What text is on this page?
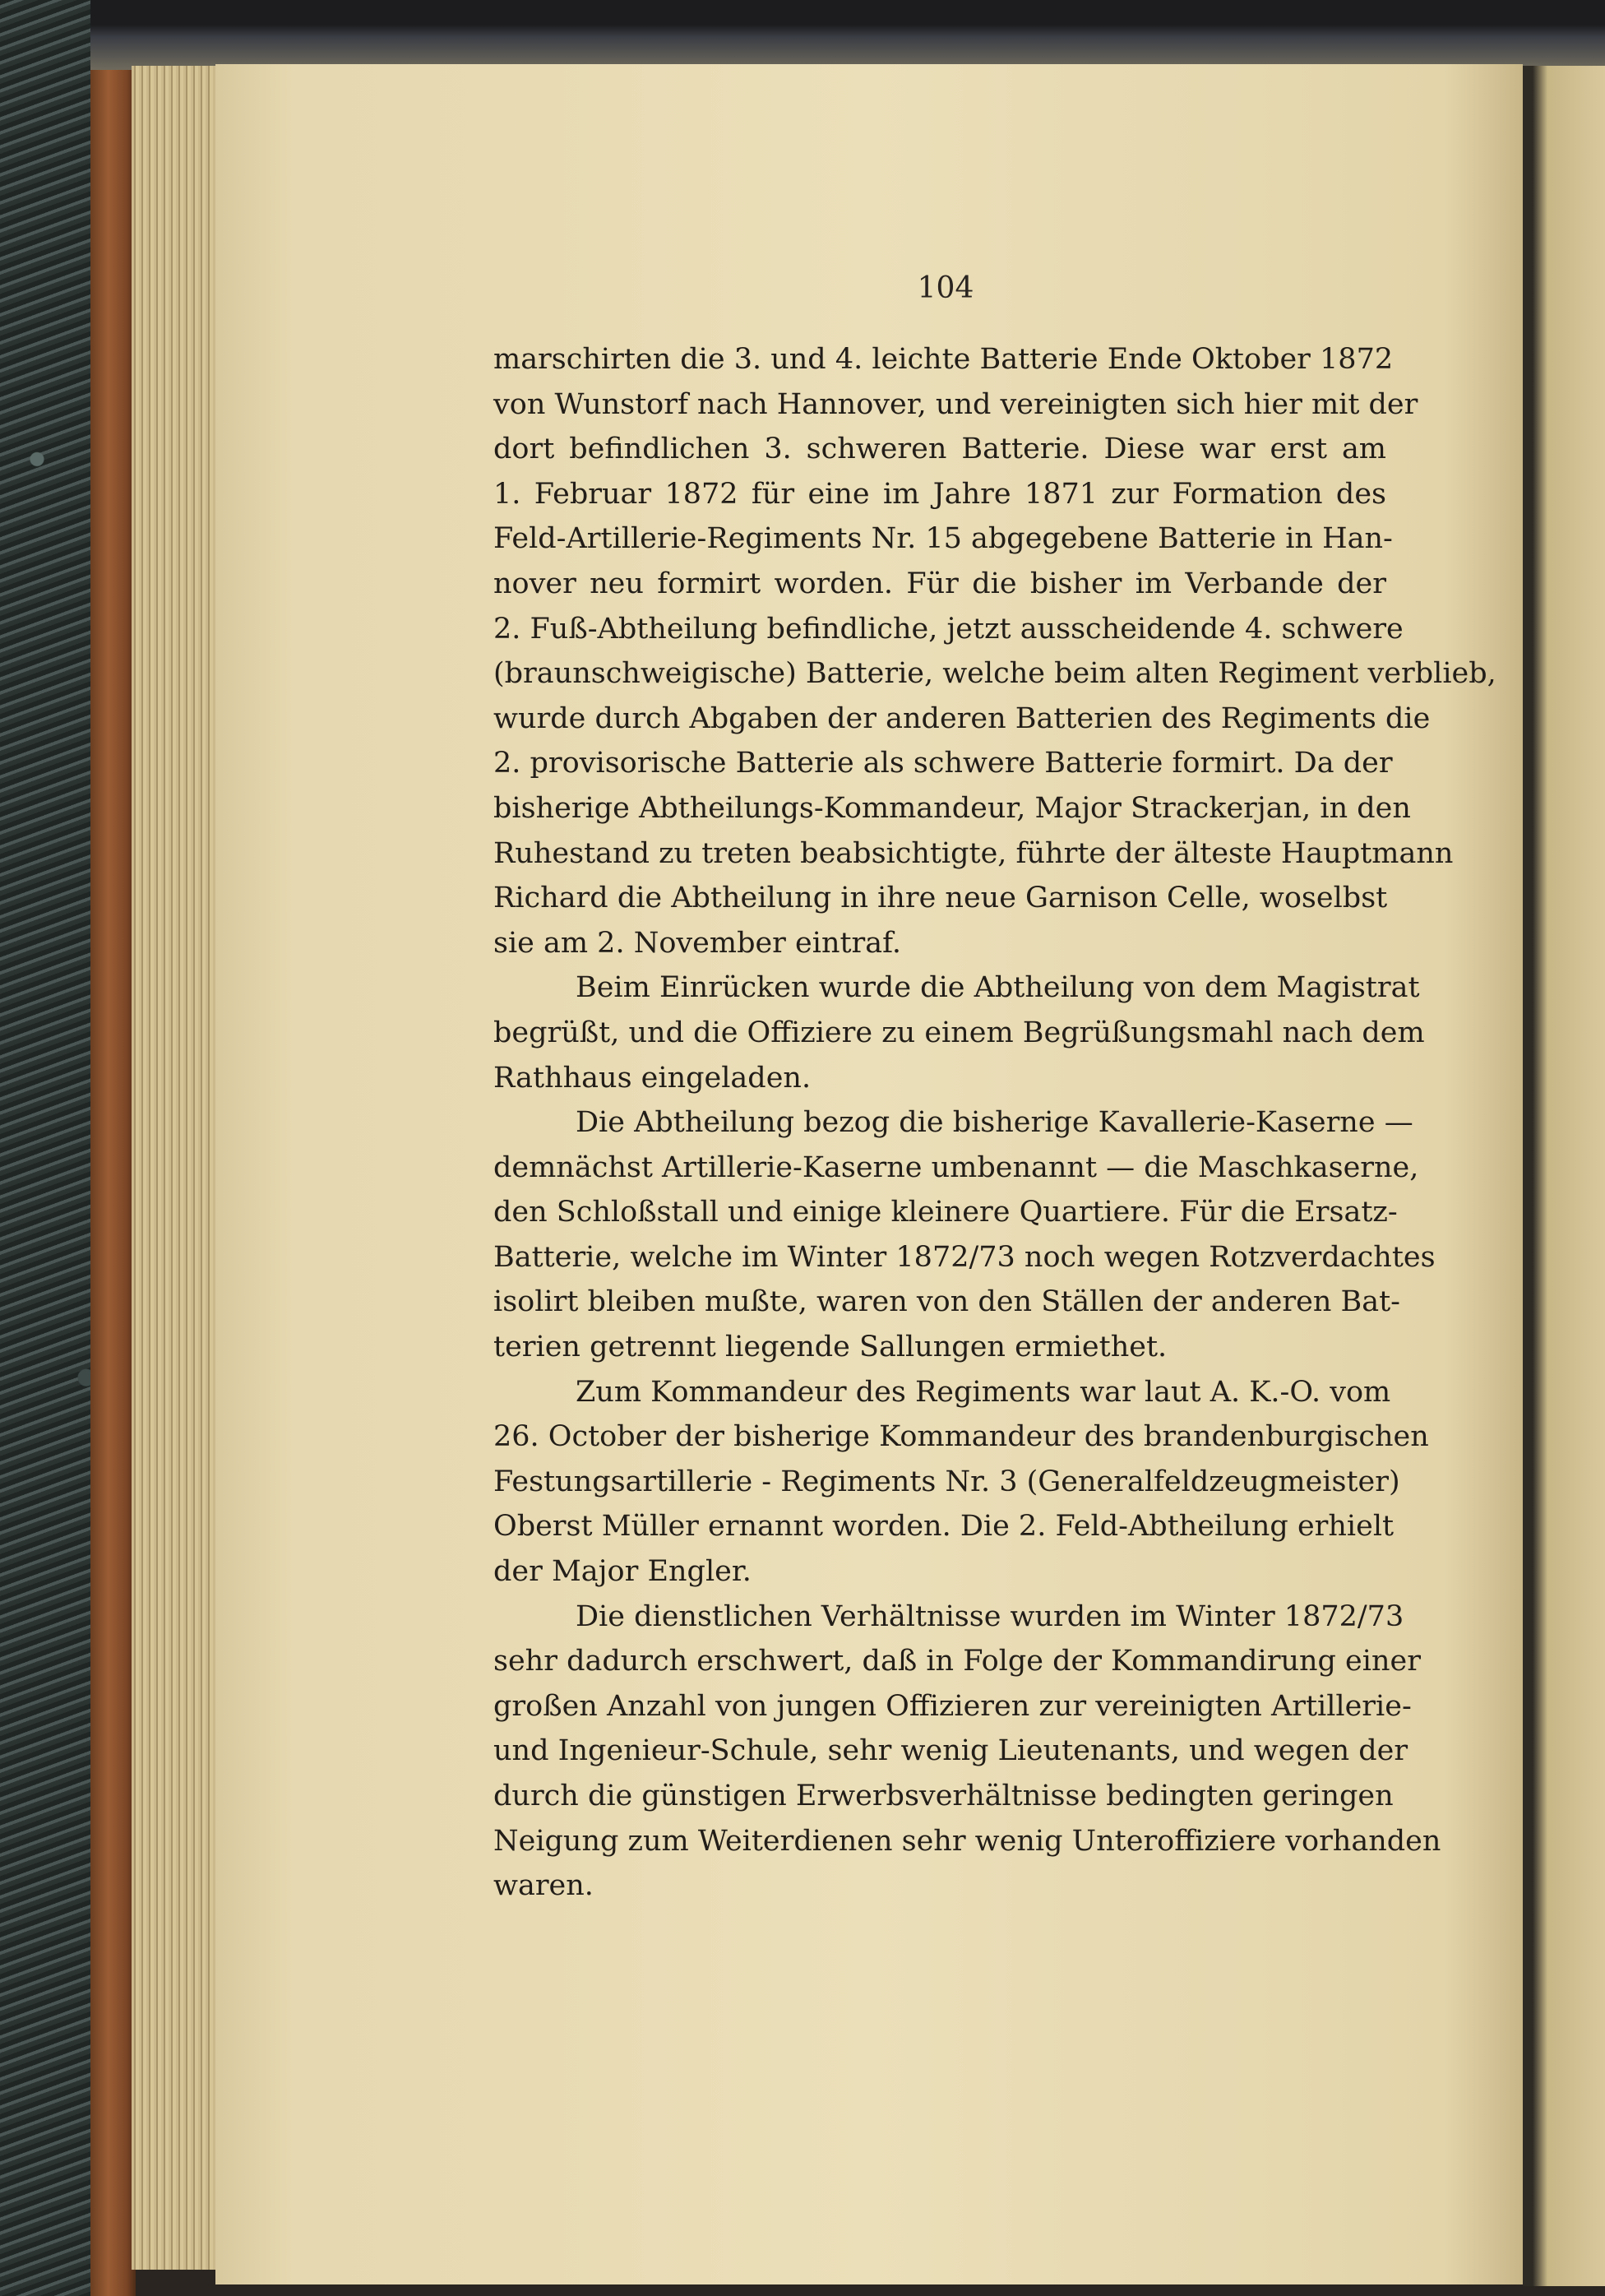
104
marschirten die 3. und 4. leichte Batterie Ende Oktober 1872
von Wunstorf nach Hannover, und vereinigten sich hier mit der
dort befindlichen 3. schweren Batterie. Diese war erst am
1. Februar 1872 für eine im Jahre 1871 zur Formation des
Feld-Artillerie-Regiments Nr. 15 abgegebene Batterie in Han-
nover neu formirt worden. Für die bisher im Verbande der
2. Fuß-Abtheilung befindliche, jetzt ausscheidende 4. schwere
(braunschweigische) Batterie, welche beim alten Regiment verblieb,
wurde durch Abgaben der anderen Batterien des Regiments die
2. provisorische Batterie als schwere Batterie formirt. Da der
bisherige Abtheilungs-Kommandeur, Major Strackerjan, in den
Ruhestand zu treten beabsichtigte, führte der älteste Hauptmann
Richard die Abtheilung in ihre neue Garnison Celle, woselbst
sie am 2. November eintraf.
Beim Einrücken wurde die Abtheilung von dem Magistrat
begrüßt, und die Offiziere zu einem Begrüßungsmahl nach dem
Rathhaus eingeladen.
Die Abtheilung bezog die bisherige Kavallerie-Kaserne —
demnächst Artillerie-Kaserne umbenannt — die Maschkaserne,
den Schloßstall und einige kleinere Quartiere. Für die Ersatz-
Batterie, welche im Winter 1872/73 noch wegen Rotzverdachtes
isolirt bleiben mußte, waren von den Ställen der anderen Bat-
terien getrennt liegende Sallungen ermiethet.
Zum Kommandeur des Regiments war laut A. K.-O. vom
26. October der bisherige Kommandeur des brandenburgischen
Festungsartillerie - Regiments Nr. 3 (Generalfeldzeugmeister)
Oberst Müller ernannt worden. Die 2. Feld-Abtheilung erhielt
der Major Engler.
Die dienstlichen Verhältnisse wurden im Winter 1872/73
sehr dadurch erschwert, daß in Folge der Kommandirung einer
großen Anzahl von jungen Offizieren zur vereinigten Artillerie-
und Ingenieur-Schule, sehr wenig Lieutenants, und wegen der
durch die günstigen Erwerbsverhältnisse bedingten geringen
Neigung zum Weiterdienen sehr wenig Unteroffiziere vorhanden
waren.
